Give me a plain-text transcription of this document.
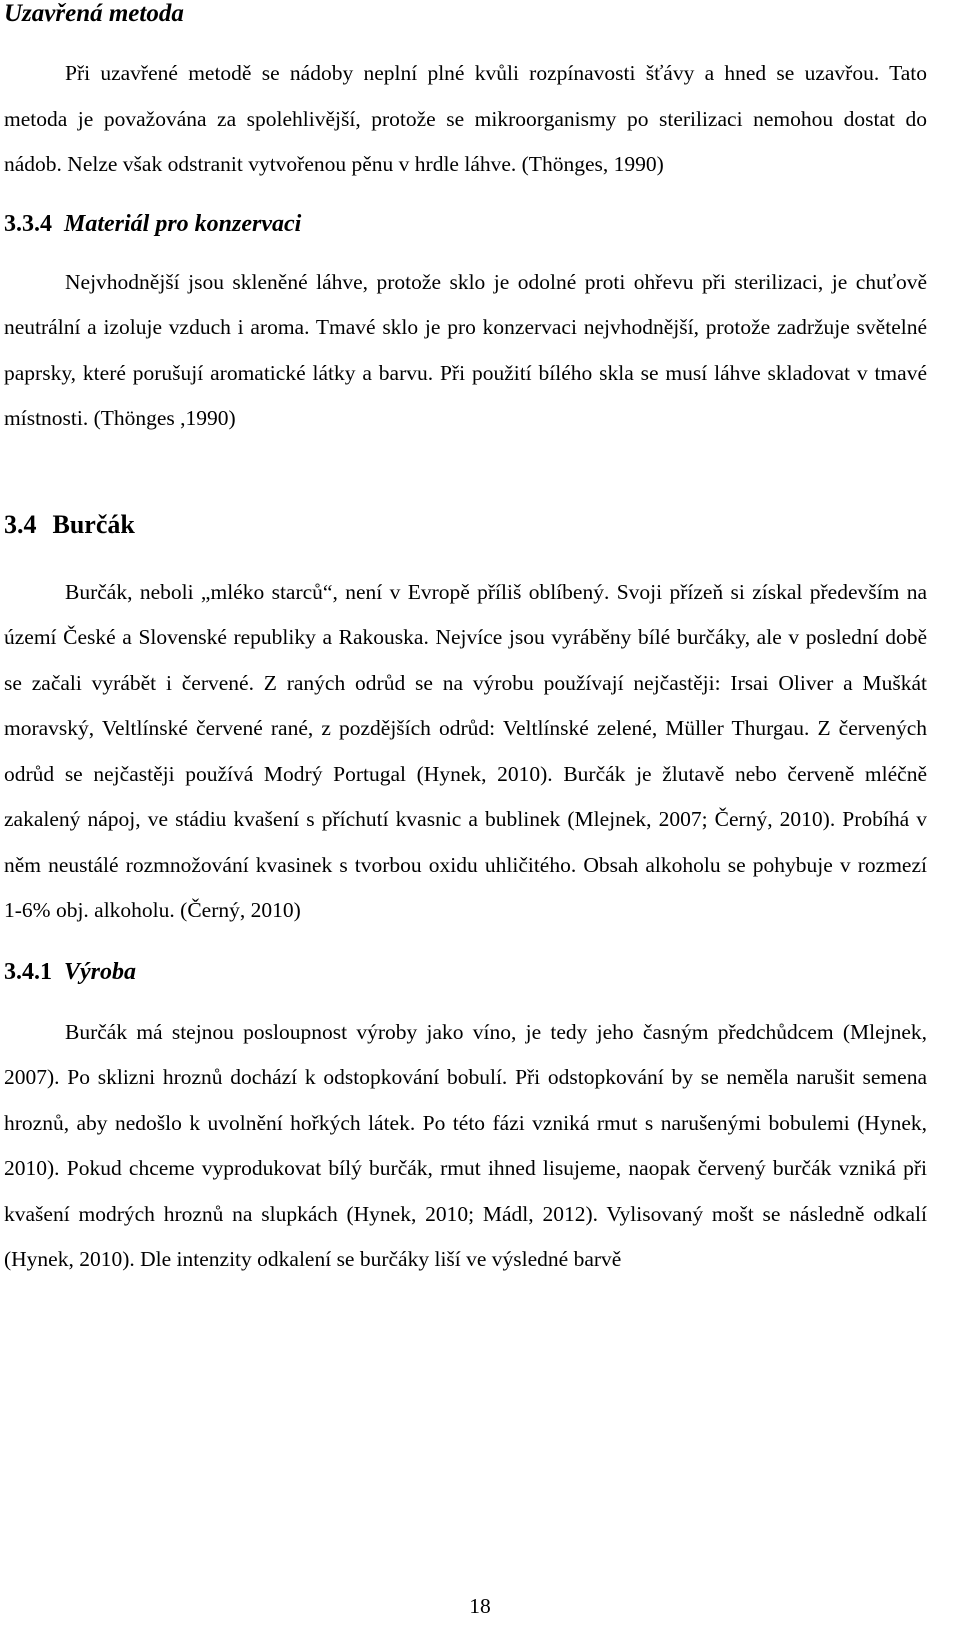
Uzavřená metoda

Při uzavřené metodě se nádoby neplní plné kvůli rozpínavosti šťávy a hned se uzavřou. Tato metoda je považována za spolehlivější, protože se mikroorganismy po sterilizaci nemohou dostat do nádob. Nelze však odstranit vytvořenou pěnu v hrdle láhve. (Thönges, 1990)

3.3.4 Materiál pro konzervaci

Nejvhodnější jsou skleněné láhve, protože sklo je odolné proti ohřevu při sterilizaci, je chuťově neutrální a izoluje vzduch i aroma. Tmavé sklo je pro konzervaci nejvhodnější, protože zadržuje světelné paprsky, které porušují aromatické látky a barvu. Při použití bílého skla se musí láhve skladovat v tmavé místnosti. (Thönges ,1990)

3.4 Burčák

Burčák, neboli „mléko starců“, není v Evropě příliš oblíbený. Svoji přízeň si získal především na území České a Slovenské republiky a Rakouska. Nejvíce jsou vyráběny bílé burčáky, ale v poslední době se začali vyrábět i červené. Z raných odrůd se na výrobu používají nejčastěji: Irsai Oliver a Muškát moravský, Veltlínské červené rané, z pozdějších odrůd: Veltlínské zelené, Müller Thurgau. Z červených odrůd se nejčastěji používá Modrý Portugal (Hynek, 2010). Burčák je žlutavě nebo červeně mléčně zakalený nápoj, ve stádiu kvašení s příchutí kvasnic a bublinek (Mlejnek, 2007; Černý, 2010). Probíhá v něm neustálé rozmnožování kvasinek s tvorbou oxidu uhličitého. Obsah alkoholu se pohybuje v rozmezí 1-6% obj. alkoholu. (Černý, 2010)

3.4.1 Výroba

Burčák má stejnou posloupnost výroby jako víno, je tedy jeho časným předchůdcem (Mlejnek, 2007). Po sklizni hroznů dochází k odstopkování bobulí. Při odstopkování by se neměla narušit semena hroznů, aby nedošlo k uvolnění hořkých látek. Po této fázi vzniká rmut s narušenými bobulemi (Hynek, 2010). Pokud chceme vyprodukovat bílý burčák, rmut ihned lisujeme, naopak červený burčák vzniká při kvašení modrých hroznů na slupkách (Hynek, 2010; Mádl, 2012). Vylisovaný mošt se následně odkalí (Hynek, 2010). Dle intenzity odkalení se burčáky liší ve výsledné barvě

18
